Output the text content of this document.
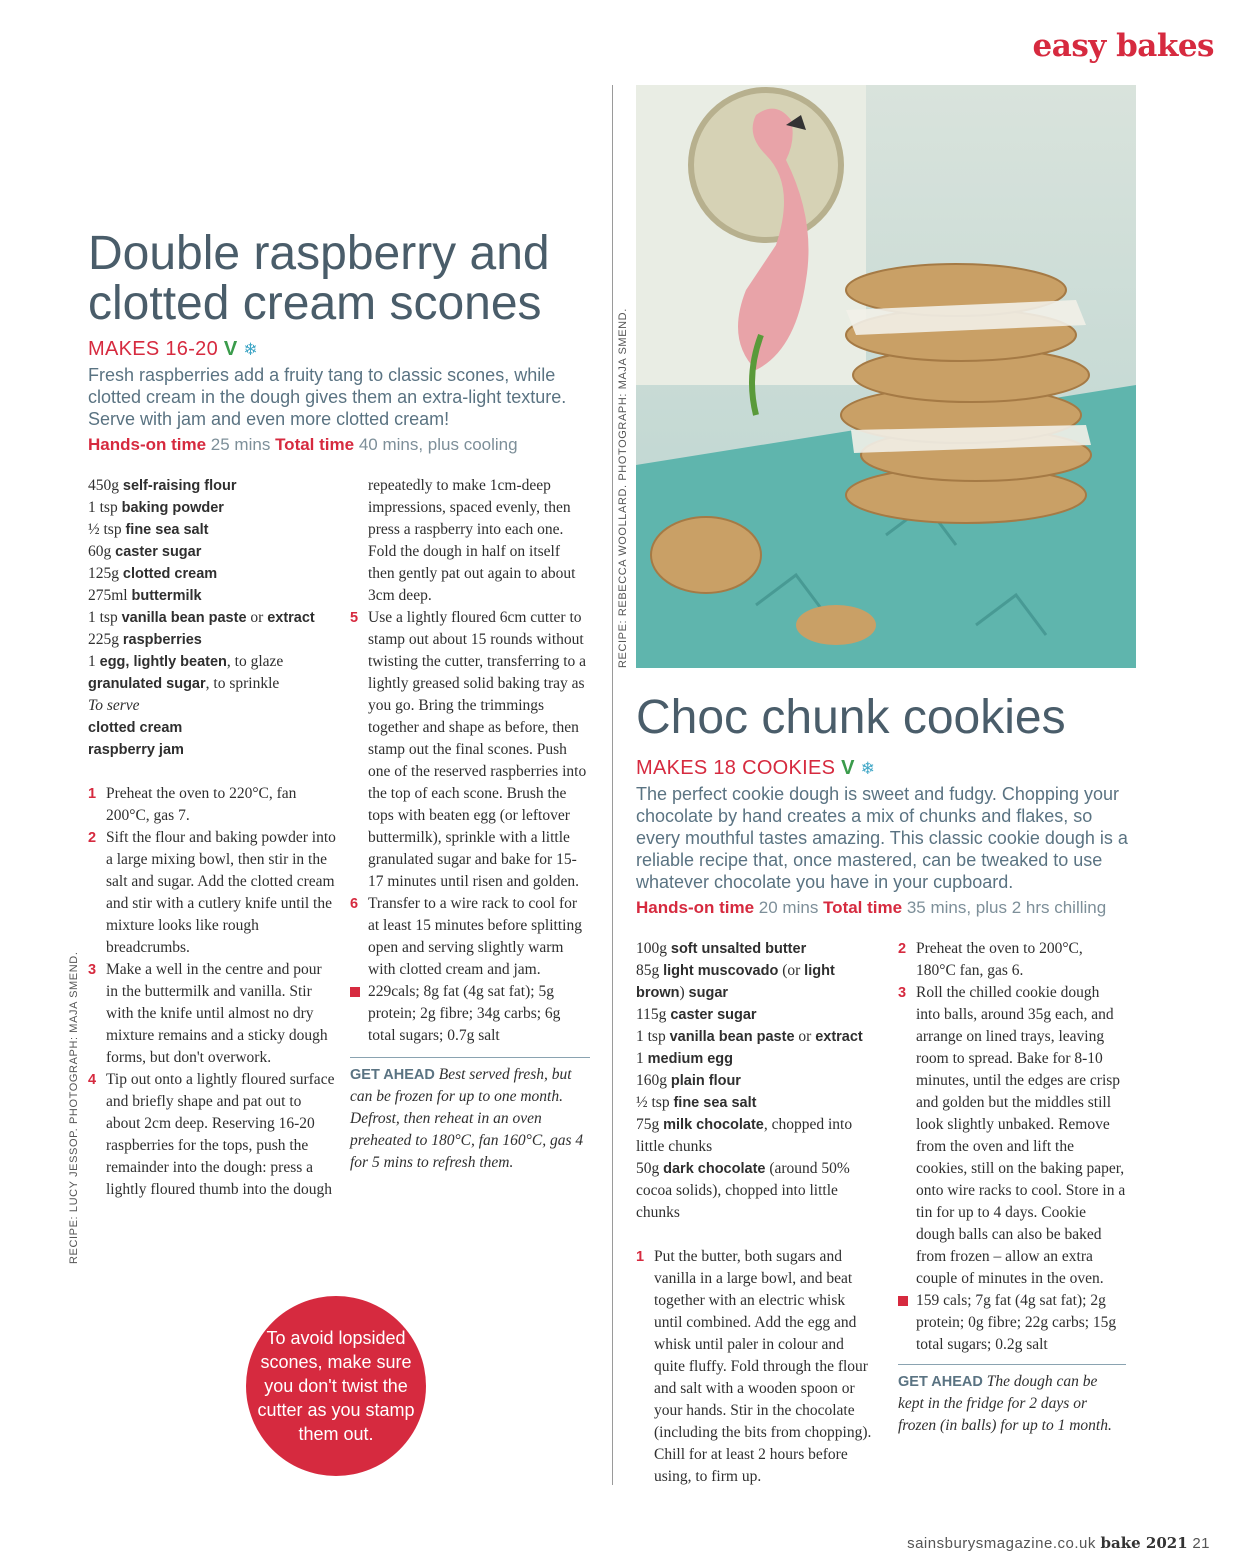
easy bakes
RECIPE: LUCY JESSOP. PHOTOGRAPH: MAJA SMEND.
RECIPE: REBECCA WOOLLARD. PHOTOGRAPH: MAJA SMEND.
Double raspberry and
clotted cream scones
MAKES 16-20 V ❄
Fresh raspberries add a fruity tang to classic scones, while clotted cream in the dough gives them an extra-light texture. Serve with jam and even more clotted cream!
Hands-on time 25 mins Total time 40 mins, plus cooling
450g self-raising flour
1 tsp baking powder
½ tsp fine sea salt
60g caster sugar
125g clotted cream
275ml buttermilk
1 tsp vanilla bean paste or extract
225g raspberries
1 egg, lightly beaten, to glaze
granulated sugar, to sprinkle
To serve
clotted cream
raspberry jam
1 Preheat the oven to 220°C, fan 200°C, gas 7.
2 Sift the flour and baking powder into a large mixing bowl, then stir in the salt and sugar. Add the clotted cream and stir with a cutlery knife until the mixture looks like rough breadcrumbs.
3 Make a well in the centre and pour in the buttermilk and vanilla. Stir with the knife until almost no dry mixture remains and a sticky dough forms, but don't overwork.
4 Tip out onto a lightly floured surface and briefly shape and pat out to about 2cm deep. Reserving 16-20 raspberries for the tops, push the remainder into the dough: press a lightly floured thumb into the dough
repeatedly to make 1cm-deep impressions, spaced evenly, then press a raspberry into each one. Fold the dough in half on itself then gently pat out again to about 3cm deep.
5 Use a lightly floured 6cm cutter to stamp out about 15 rounds without twisting the cutter, transferring to a lightly greased solid baking tray as you go. Bring the trimmings together and shape as before, then stamp out the final scones. Push one of the reserved raspberries into the top of each scone. Brush the tops with beaten egg (or leftover buttermilk), sprinkle with a little granulated sugar and bake for 15-17 minutes until risen and golden.
6 Transfer to a wire rack to cool for at least 15 minutes before splitting open and serving slightly warm with clotted cream and jam.
229cals; 8g fat (4g sat fat); 5g protein; 2g fibre; 34g carbs; 6g total sugars; 0.7g salt
GET AHEAD Best served fresh, but can be frozen for up to one month. Defrost, then reheat in an oven preheated to 180°C, fan 160°C, gas 4 for 5 mins to refresh them.
To avoid lopsided scones, make sure you don't twist the cutter as you stamp them out.
Choc chunk cookies
MAKES 18 COOKIES V ❄
The perfect cookie dough is sweet and fudgy. Chopping your chocolate by hand creates a mix of chunks and flakes, so every mouthful tastes amazing. This classic cookie dough is a reliable recipe that, once mastered, can be tweaked to use whatever chocolate you have in your cupboard.
Hands-on time 20 mins Total time 35 mins, plus 2 hrs chilling
100g soft unsalted butter
85g light muscovado (or light brown) sugar
115g caster sugar
1 tsp vanilla bean paste or extract
1 medium egg
160g plain flour
½ tsp fine sea salt
75g milk chocolate, chopped into little chunks
50g dark chocolate (around 50% cocoa solids), chopped into little chunks
1 Put the butter, both sugars and vanilla in a large bowl, and beat together with an electric whisk until combined. Add the egg and whisk until paler in colour and quite fluffy. Fold through the flour and salt with a wooden spoon or your hands. Stir in the chocolate (including the bits from chopping). Chill for at least 2 hours before using, to firm up.
2 Preheat the oven to 200°C, 180°C fan, gas 6.
3 Roll the chilled cookie dough into balls, around 35g each, and arrange on lined trays, leaving room to spread. Bake for 8-10 minutes, until the edges are crisp and golden but the middles still look slightly unbaked. Remove from the oven and lift the cookies, still on the baking paper, onto wire racks to cool. Store in a tin for up to 4 days. Cookie dough balls can also be baked from frozen – allow an extra couple of minutes in the oven.
159 cals; 7g fat (4g sat fat); 2g protein; 0g fibre; 22g carbs; 15g total sugars; 0.2g salt
GET AHEAD The dough can be kept in the fridge for 2 days or frozen (in balls) for up to 1 month.
sainsburysmagazine.co.uk bake 2021 21
